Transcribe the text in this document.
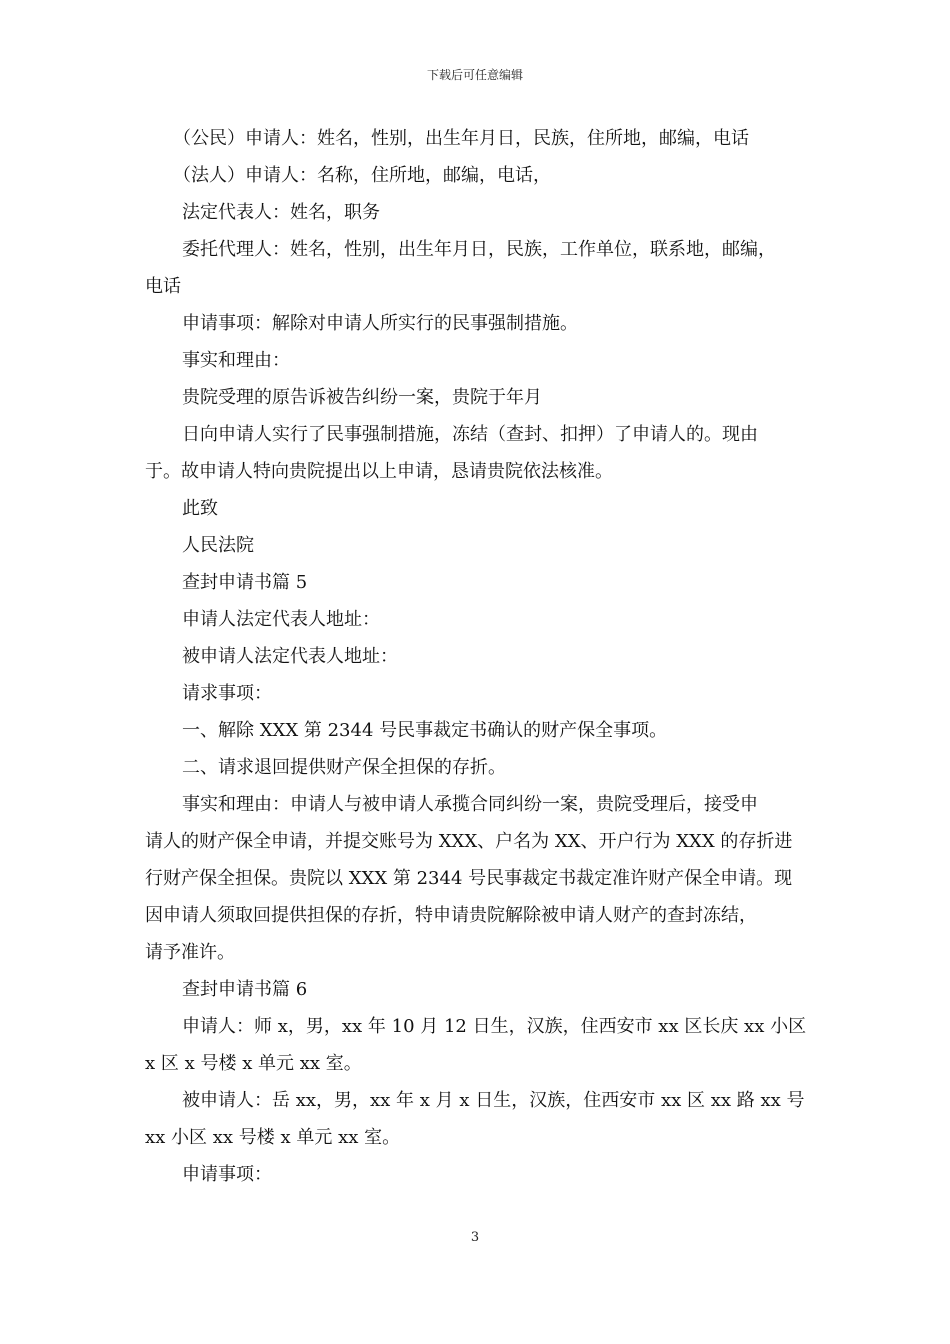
下载后可任意编辑

（公民）申请人：姓名，性别，出生年月日，民族，住所地，邮编，电话

（法人）申请人：名称，住所地，邮编，电话，

法定代表人：姓名，职务

委托代理人：姓名，性别，出生年月日，民族，工作单位，联系地，邮编，

电话

申请事项：解除对申请人所实行的民事强制措施。

事实和理由：

贵院受理的原告诉被告纠纷一案，贵院于年月

日向申请人实行了民事强制措施，冻结（查封、扣押）了申请人的。现由

于。故申请人特向贵院提出以上申请，恳请贵院依法核准。

此致

人民法院

查封申请书篇 5

申请人法定代表人地址：

被申请人法定代表人地址：

请求事项：

一、解除 XXX 第 2344 号民事裁定书确认的财产保全事项。

二、请求退回提供财产保全担保的存折。

事实和理由：申请人与被申请人承揽合同纠纷一案，贵院受理后，接受申

请人的财产保全申请，并提交账号为 XXX、户名为 XX、开户行为 XXX 的存折进

行财产保全担保。贵院以 XXX 第 2344 号民事裁定书裁定准许财产保全申请。现

因申请人须取回提供担保的存折，特申请贵院解除被申请人财产的查封冻结，

请予准许。

查封申请书篇 6

申请人：师 x，男，xx 年 10 月 12 日生，汉族，住西安市 xx 区长庆 xx 小区

x 区 x 号楼 x 单元 xx 室。

被申请人：岳 xx，男，xx 年 x 月 x 日生，汉族，住西安市 xx 区 xx 路 xx 号

xx 小区 xx 号楼 x 单元 xx 室。

申请事项：

3
